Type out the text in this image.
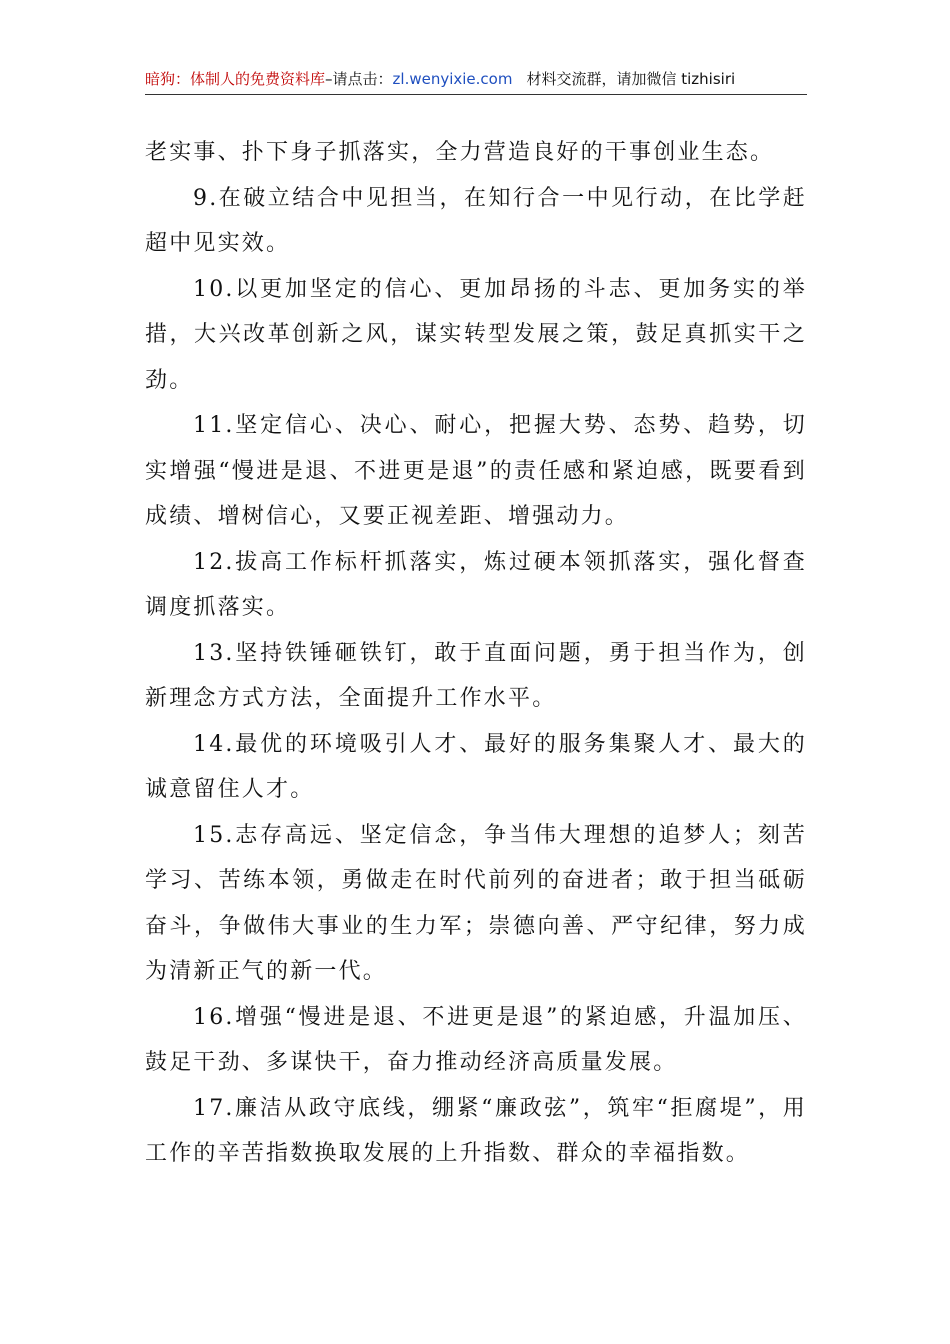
暗狗：体制人的免费资料库–请点击：zl.wenyixie.com 材料交流群，请加微信 tizhisiri

老实事、扑下身子抓落实，全力营造良好的干事创业生态。

9.在破立结合中见担当，在知行合一中见行动，在比学赶超中见实效。

10.以更加坚定的信心、更加昂扬的斗志、更加务实的举措，大兴改革创新之风，谋实转型发展之策，鼓足真抓实干之劲。

11.坚定信心、决心、耐心，把握大势、态势、趋势，切实增强“慢进是退、不进更是退”的责任感和紧迫感，既要看到成绩、增树信心，又要正视差距、增强动力。

12.拔高工作标杆抓落实，炼过硬本领抓落实，强化督查调度抓落实。

13.坚持铁锤砸铁钉，敢于直面问题，勇于担当作为，创新理念方式方法，全面提升工作水平。

14.最优的环境吸引人才、最好的服务集聚人才、最大的诚意留住人才。

15.志存高远、坚定信念，争当伟大理想的追梦人；刻苦学习、苦练本领，勇做走在时代前列的奋进者；敢于担当砥砺奋斗，争做伟大事业的生力军；崇德向善、严守纪律，努力成为清新正气的新一代。

16.增强“慢进是退、不进更是退”的紧迫感，升温加压、鼓足干劲、多谋快干，奋力推动经济高质量发展。

17.廉洁从政守底线，绷紧“廉政弦”，筑牢“拒腐堤”，用工作的辛苦指数换取发展的上升指数、群众的幸福指数。
